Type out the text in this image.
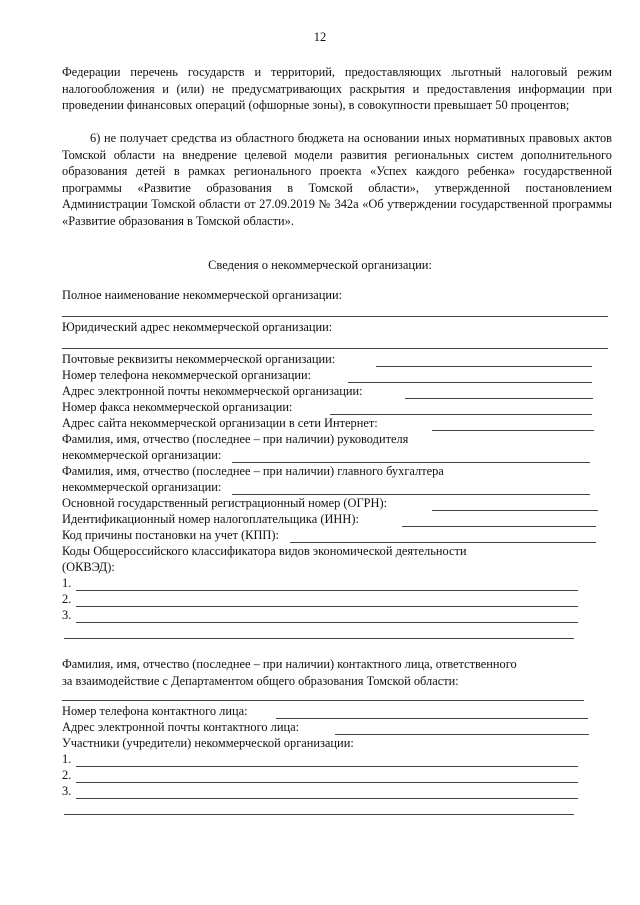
12

Федерации перечень государств и территорий, предоставляющих льготный налоговый режим налогообложения и (или) не предусматривающих раскрытия и предоставления информации при проведении финансовых операций (офшорные зоны), в совокупности превышает 50 процентов;

6) не получает средства из областного бюджета на основании иных нормативных правовых актов Томской области на внедрение целевой модели развития региональных систем дополнительного образования детей в рамках регионального проекта «Успех каждого ребенка» государственной программы «Развитие образования в Томской области», утвержденной постановлением Администрации Томской области от 27.09.2019 № 342а «Об утверждении государственной программы «Развитие образования в Томской области».

Сведения о некоммерческой организации:
Полное наименование некоммерческой организации:
Юридический адрес некоммерческой организации:
Почтовые реквизиты некоммерческой организации:
Номер телефона некоммерческой организации:
Адрес электронной почты некоммерческой организации:
Номер факса некоммерческой организации:
Адрес сайта некоммерческой организации в сети Интернет:
Фамилия, имя, отчество (последнее – при наличии) руководителя
некоммерческой организации:
Фамилия, имя, отчество (последнее – при наличии) главного бухгалтера
некоммерческой организации:
Основной государственный регистрационный номер (ОГРН):
Идентификационный номер налогоплательщика (ИНН):
Код причины постановки на учет (КПП):
Коды Общероссийского классификатора видов экономической деятельности
(ОКВЭД):
1.
2.
3.

Фамилия, имя, отчество (последнее – при наличии) контактного лица, ответственного

за взаимодействие с Департаментом общего образования Томской области:
Номер телефона контактного лица:
Адрес электронной почты контактного лица:
Участники (учредители) некоммерческой организации:
1.
2.
3.
